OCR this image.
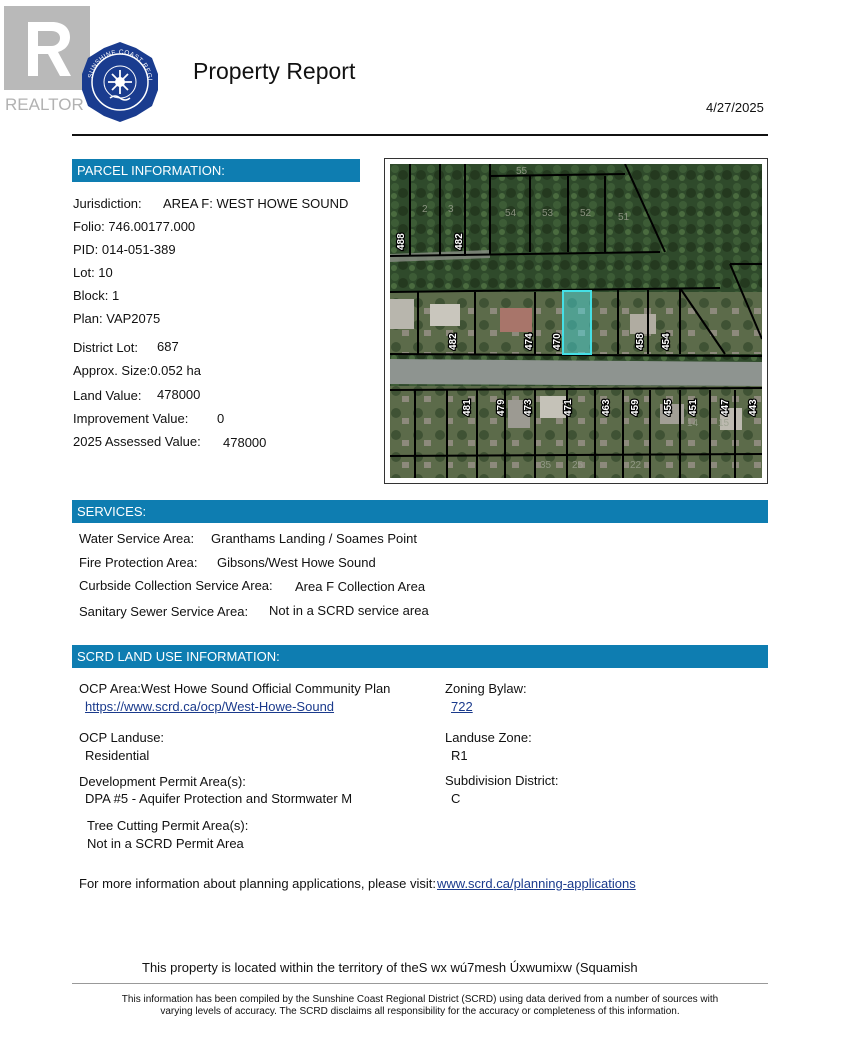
REALTOR
SUNSHINE COAST REGI Property Report
4/27/2025
PARCEL INFORMATION:
Jurisdiction: AREA F: WEST HOWE SOUND
Folio: 746.00177.000
PID: 014-051-389
Lot: 10
Block: 1
Plan: VAP2075
District Lot: 687
Approx. Size:0.052 ha
Land Value: 478000
Improvement Value: 0
2025 Assessed Value: 478000
488	482
482	474 470	458 454
481 479 473	471	463 459 455 451 447 443
2 3
55
54	53	52	51
14 15
35 25	22
SERVICES:
Water Service Area: Granthams Landing / Soames Point
Fire Protection Area: Gibsons/West Howe Sound
Curbside Collection Service Area: Area F Collection Area
Sanitary Sewer Service Area: Not in a SCRD service area
SCRD LAND USE INFORMATION:
OCP Area:West Howe Sound Official Community Plan
https://www.scrd.ca/ocp/West-Howe-Sound
Zoning Bylaw:
722
OCP Landuse:
Residential
Landuse Zone:
R1
Development Permit Area(s):
DPA #5 - Aquifer Protection and Stormwater M
Subdivision District:
C
Tree Cutting Permit Area(s):
Not in a SCRD Permit Area
For more information about planning applications, please visit: www.scrd.ca/planning-applications
This property is located within the territory of theS wx wú7mesh Úxwumixw (Squamish
This information has been compiled by the Sunshine Coast Regional District (SCRD) using data derived from a number of sources with
varying levels of accuracy. The SCRD disclaims all responsibility for the accuracy or completeness of this information.
